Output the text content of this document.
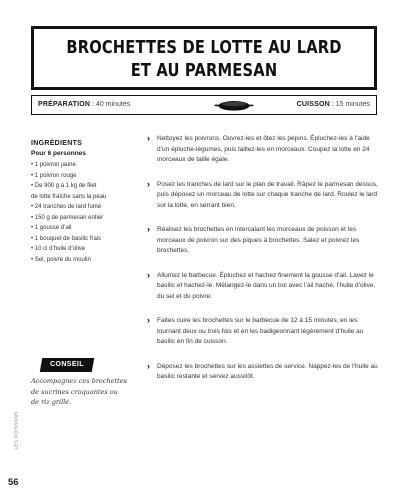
BROCHETTES DE LOTTE AU LARD
ET AU PARMESAN
PRÉPARATION : 40 minutes	CUISSON : 15 minutes
INGRÉDIENTS
Pour 6 personnes
• 1 poivron jaune
• 1 poivron rouge
• De 900 g à 1 kg de filet
de lotte fraîche sans la peau
• 24 tranches de lard fumé
• 150 g de parmesan entier
• 1 gousse d’ail
• 1 bouquet de basilic frais
• 10 cl d’huile d’olive
• Sel, poivre du moulin

› Nettoyez les poivrons. Ouvrez-les et ôtez les pépins. Épluchez-les à l’aide d’un épluche-légumes, puis taillez-les en morceaux. Coupez la lotte en 24 morceaux de taille égale.

› Posez les tranches de lard sur le plan de travail. Râpez le parmesan dessus, puis déposez un morceau de lotte sur chaque tranche de lard. Roulez le lard sur la lotte, en serrant bien.

› Réalisez les brochettes en intercalant les morceaux de poisson et les morceaux de poivron sur des piques à brochettes. Salez et poivrez les brochettes.

› Allumez le barbecue. Épluchez et hachez finement la gousse d’ail. Lavez le basilic et hachez-le. Mélangez-le dans un bol avec l’ail haché, l’huile d’olive, du sel et du poivre.

› Faites cuire les brochettes sur le barbecue de 12 à 15 minutes, en les tournant deux ou trois fois et en les badigeonnant légèrement d’huile au basilic en fin de cuisson.

› Déposez les brochettes sur les assiettes de service. Nappez-les de l’huile au basilic restante et servez aussitôt.

CONSEIL
Accompagnez ces brochettes de sucrines croquantes ou de riz grillé.
LES POISSONS
56
